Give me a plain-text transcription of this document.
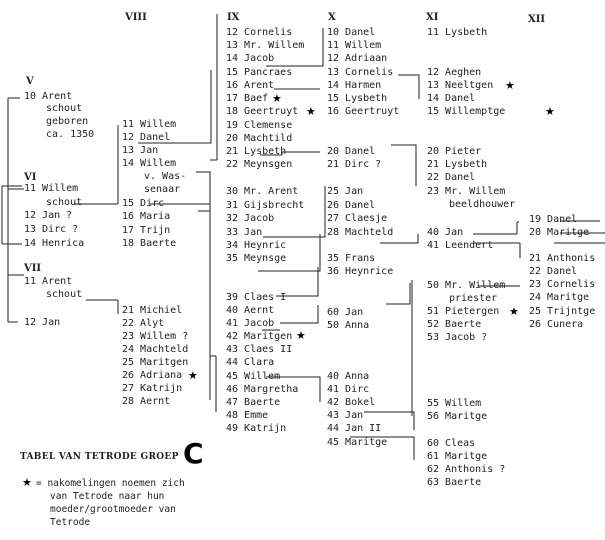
VIII	IX	X	XI	XII
V
VI
VII
10 Arent
schout
geboren
ca. 1350
11 Willem
schout
12 Jan ?
13 Dirc ?
14 Henrica
11 Arent
schout
12 Jan
11 Willem
12 Danel
13 Jan
14 Willem
v. Was-
senaar
15 Dirc
16 Maria
17 Trijn
18 Baerte
21 Michiel
22 Alyt
23 Willem ?
24 Machteld
25 Maritgen
26 Adriana
27 Katrijn
28 Aernt
12 Cornelis
13 Mr. Willem
14 Jacob
15 Pancraes
16 Arent
17 Baef
18 Geertruyt
19 Clemense
20 Machtild
21 Lysbeth
22 Meynsgen
30 Mr. Arent
31 Gijsbrecht
32 Jacob
33 Jan
34 Heynric
35 Meynsge
39 Claes I
40 Aernt
41 Jacob
42 Maritgen
43 Claes II
44 Clara
45 Willem
46 Margretha
47 Baerte
48 Emme
49 Katrijn
10 Danel
11 Willem
12 Adriaan
13 Cornelis
14 Harmen
15 Lysbeth
16 Geertruyt
20 Danel
21 Dirc ?
25 Jan
26 Danel
27 Claesje
28 Machteld
35 Frans
36 Heynrice
60 Jan
50 Anna
40 Anna
41 Dirc
42 Bokel
43 Jan
44 Jan II
45 Maritge
11 Lysbeth
12 Aeghen
13 Neeltgen
14 Danel
15 Willemptge
20 Pieter
21 Lysbeth
22 Danel
23 Mr. Willem
beeldhouwer
40 Jan
41 Leendert
50 Mr. Willem
priester
51 Pietergen
52 Baerte
53 Jacob ?
55 Willem
56 Maritge
60 Cleas
61 Maritge
62 Anthonis ?
63 Baerte
19 Danel
20 Maritge
21 Anthonis
22 Danel
23 Cornelis
24 Maritge
25 Trijntge
26 Cunera
★
★
★
★
★
★
★
TABEL VAN TETRODE GROEP C
★ = nakomelingen noemen zich
van Tetrode naar hun
moeder/grootmoeder van
Tetrode
